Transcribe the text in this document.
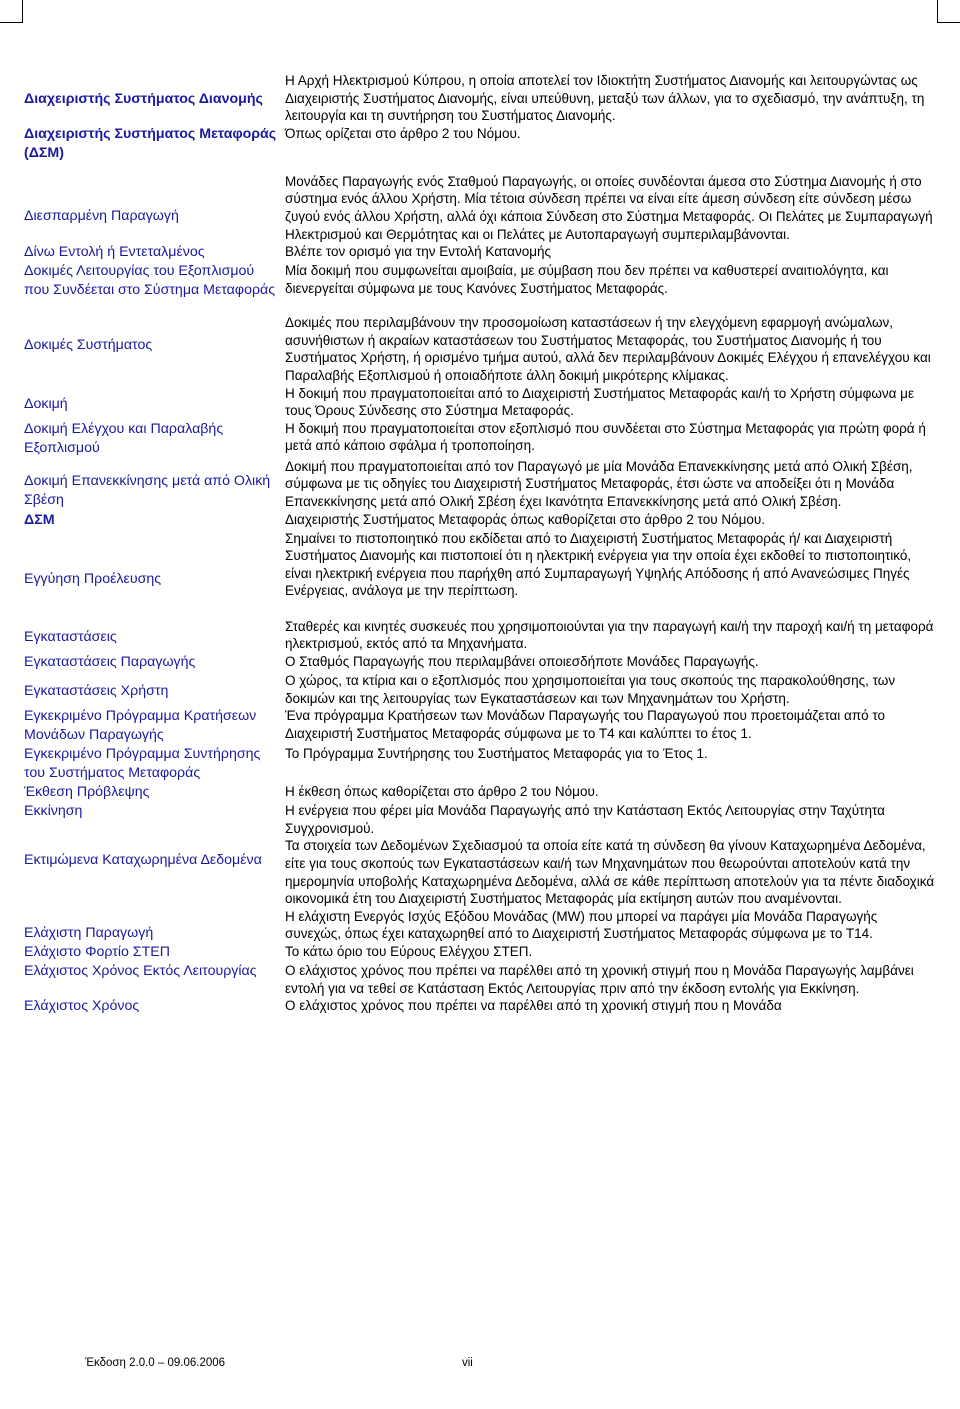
Διαχειριστής Συστήματος Διανομής	Η Αρχή Ηλεκτρισμού Κύπρου, η οποία αποτελεί τον Ιδιοκτήτη Συστήματος Διανομής και λειτουργώντας ως Διαχειριστής Συστήματος Διανομής, είναι υπεύθυνη, μεταξύ των άλλων, για το σχεδιασμό, την ανάπτυξη, τη λειτουργία και τη συντήρηση του Συστήματος Διανομής.
Διαχειριστής Συστήματος Μεταφοράς (ΔΣΜ)	Όπως ορίζεται στο άρθρο 2 του Νόμου.
Διεσπαρμένη Παραγωγή	Μονάδες Παραγωγής ενός Σταθμού Παραγωγής, οι οποίες συνδέονται άμεσα στο Σύστημα Διανομής ή στο σύστημα ενός άλλου Χρήστη. Μία τέτοια σύνδεση πρέπει να είναι είτε άμεση σύνδεση είτε σύνδεση μέσω ζυγού ενός άλλου Χρήστη, αλλά όχι κάποια Σύνδεση στο Σύστημα Μεταφοράς. Οι Πελάτες με Συμπαραγωγή Ηλεκτρισμού και Θερμότητας και οι Πελάτες με Αυτοπαραγωγή συμπεριλαμβάνονται.
Δίνω Εντολή ή Εντεταλμένος	Βλέπε τον ορισμό για την Εντολή Κατανομής
Δοκιμές Λειτουργίας του Εξοπλισμού που Συνδέεται στο Σύστημα Μεταφοράς	Μία δοκιμή που συμφωνείται αμοιβαία, με σύμβαση που δεν πρέπει να καθυστερεί αναιτιολόγητα, και διενεργείται σύμφωνα με τους Κανόνες Συστήματος Μεταφοράς.
Δοκιμές Συστήματος	Δοκιμές που περιλαμβάνουν την προσομοίωση καταστάσεων ή την ελεγχόμενη εφαρμογή ανώμαλων, ασυνήθιστων ή ακραίων καταστάσεων του Συστήματος Μεταφοράς, του Συστήματος Διανομής ή του Συστήματος Χρήστη, ή ορισμένο τμήμα αυτού, αλλά δεν περιλαμβάνουν Δοκιμές Ελέγχου ή επανελέγχου και Παραλαβής Εξοπλισμού ή οποιαδήποτε άλλη δοκιμή μικρότερης κλίμακας.
Δοκιμή	Η δοκιμή που πραγματοποιείται από το Διαχειριστή Συστήματος Μεταφοράς και/ή το Χρήστη σύμφωνα με τους Όρους Σύνδεσης στο Σύστημα Μεταφοράς.
Δοκιμή Ελέγχου και Παραλαβής Εξοπλισμού	Η δοκιμή που πραγματοποιείται στον εξοπλισμό που συνδέεται στο Σύστημα Μεταφοράς για πρώτη φορά ή μετά από κάποιο σφάλμα ή τροποποίηση.
Δοκιμή Επανεκκίνησης μετά από Ολική Σβέση	Δοκιμή που πραγματοποιείται από τον Παραγωγό με μία Μονάδα Επανεκκίνησης μετά από Ολική Σβέση, σύμφωνα με τις οδηγίες του Διαχειριστή Συστήματος Μεταφοράς, έτσι ώστε να αποδείξει ότι η Μονάδα Επανεκκίνησης μετά από Ολική Σβέση έχει Ικανότητα Επανεκκίνησης μετά από Ολική Σβέση.
ΔΣΜ	Διαχειριστής Συστήματος Μεταφοράς όπως καθορίζεται στο άρθρο 2 του Νόμου.
Εγγύηση Προέλευσης	Σημαίνει το πιστοποιητικό που εκδίδεται από το Διαχειριστή Συστήματος Μεταφοράς ή/ και Διαχειριστή Συστήματος Διανομής και πιστοποιεί ότι η ηλεκτρική ενέργεια για την οποία έχει εκδοθεί το πιστοποιητικό, είναι ηλεκτρική ενέργεια που παρήχθη από Συμπαραγωγή Υψηλής Απόδοσης ή από Ανανεώσιμες Πηγές Ενέργειας, ανάλογα με την περίπτωση.
Εγκαταστάσεις	Σταθερές και κινητές συσκευές που χρησιμοποιούνται για την παραγωγή και/ή την παροχή και/ή τη μεταφορά ηλεκτρισμού, εκτός από τα Μηχανήματα.
Εγκαταστάσεις Παραγωγής	Ο Σταθμός Παραγωγής που περιλαμβάνει οποιεσδήποτε Μονάδες Παραγωγής.
Εγκαταστάσεις Χρήστη	Ο χώρος, τα κτίρια και ο εξοπλισμός που χρησιμοποιείται για τους σκοπούς της παρακολούθησης, των δοκιμών και της λειτουργίας των Εγκαταστάσεων και των Μηχανημάτων του Χρήστη.
Εγκεκριμένο Πρόγραμμα Κρατήσεων Μονάδων Παραγωγής	Ένα πρόγραμμα Κρατήσεων των Μονάδων Παραγωγής του Παραγωγού που προετοιμάζεται από το Διαχειριστή Συστήματος Μεταφοράς σύμφωνα με το Τ4 και καλύπτει το έτος 1.
Εγκεκριμένο Πρόγραμμα Συντήρησης του Συστήματος Μεταφοράς	Το Πρόγραμμα Συντήρησης του Συστήματος Μεταφοράς για το Έτος 1.
Έκθεση Πρόβλεψης	Η έκθεση όπως καθορίζεται στο άρθρο 2 του Νόμου.
Εκκίνηση	Η ενέργεια που φέρει μία Μονάδα Παραγωγής από την Κατάσταση Εκτός Λειτουργίας στην Ταχύτητα Συγχρονισμού.
Εκτιμώμενα Καταχωρημένα Δεδομένα	Τα στοιχεία των Δεδομένων Σχεδιασμού τα οποία είτε κατά τη σύνδεση θα γίνουν Καταχωρημένα Δεδομένα, είτε για τους σκοπούς των Εγκαταστάσεων και/ή των Μηχανημάτων που θεωρούνται αποτελούν κατά την ημερομηνία υποβολής Καταχωρημένα Δεδομένα, αλλά σε κάθε περίπτωση αποτελούν για τα πέντε διαδοχικά οικονομικά έτη του Διαχειριστή Συστήματος Μεταφοράς μία εκτίμηση αυτών που αναμένονται.
Ελάχιστη Παραγωγή	Η ελάχιστη Ενεργός Ισχύς Εξόδου Μονάδας (MW) που μπορεί να παράγει μία Μονάδα Παραγωγής συνεχώς, όπως έχει καταχωρηθεί από το Διαχειριστή Συστήματος Μεταφοράς σύμφωνα με το Τ14.
Ελάχιστο Φορτίο ΣΤΕΠ	Το κάτω όριο του Εύρους Ελέγχου ΣΤΕΠ.
Ελάχιστος Χρόνος Εκτός Λειτουργίας	Ο ελάχιστος χρόνος που πρέπει να παρέλθει από τη χρονική στιγμή που η Μονάδα Παραγωγής λαμβάνει εντολή για να τεθεί σε Κατάσταση Εκτός Λειτουργίας πριν από την έκδοση εντολής για Εκκίνηση.
Ελάχιστος Χρόνος	Ο ελάχιστος χρόνος που πρέπει να παρέλθει από τη χρονική στιγμή που η Μονάδα
Έκδοση 2.0.0 – 09.06.2006	vii
